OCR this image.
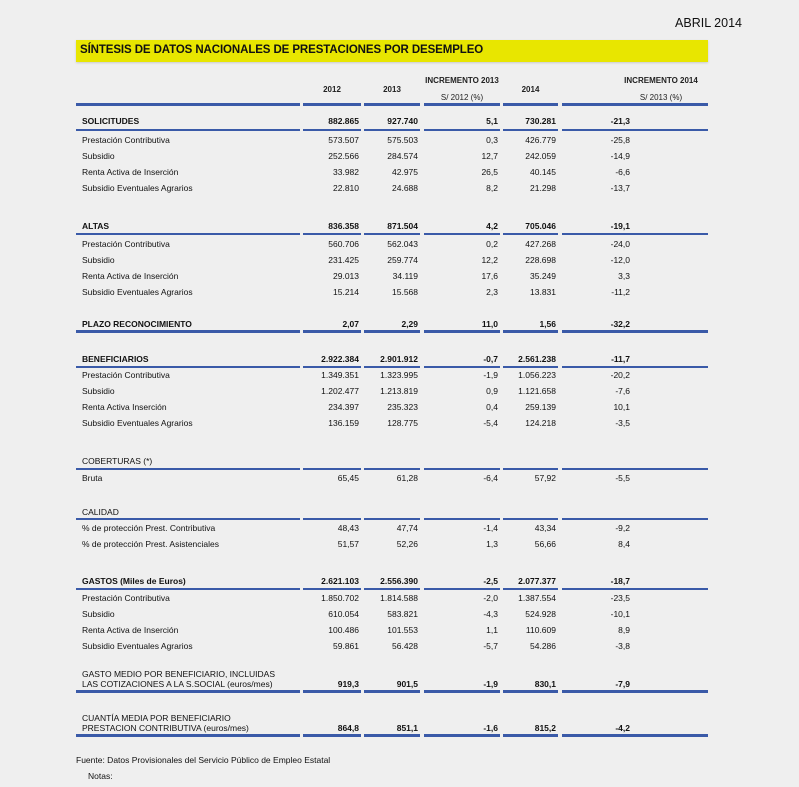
ABRIL 2014
SÍNTESIS DE DATOS NACIONALES DE PRESTACIONES POR DESEMPLEO
2012	2013
INCREMENTO 2013
S/ 2012 (%)
2014
INCREMENTO 2014
S/ 2013 (%)
SOLICITUDES	882.865	927.740	5,1	730.281	-21,3
Prestación Contributiva	573.507	575.503	0,3	426.779	-25,8
Subsidio	252.566	284.574	12,7	242.059	-14,9
Renta Activa de Inserción	33.982	42.975	26,5	40.145	-6,6
Subsidio Eventuales Agrarios	22.810	24.688	8,2	21.298	-13,7
ALTAS	836.358	871.504	4,2	705.046	-19,1
Prestación Contributiva	560.706	562.043	0,2	427.268	-24,0
Subsidio	231.425	259.774	12,2	228.698	-12,0
Renta Activa de Inserción	29.013	34.119	17,6	35.249	3,3
Subsidio Eventuales Agrarios	15.214	15.568	2,3	13.831	-11,2
PLAZO RECONOCIMIENTO	2,07	2,29	11,0	1,56	-32,2
BENEFICIARIOS	2.922.384	2.901.912	-0,7	2.561.238	-11,7
Prestación Contributiva	1.349.351	1.323.995	-1,9	1.056.223	-20,2
Subsidio	1.202.477	1.213.819	0,9	1.121.658	-7,6
Renta Activa Inserción	234.397	235.323	0,4	259.139	10,1
Subsidio Eventuales Agrarios	136.159	128.775	-5,4	124.218	-3,5
COBERTURAS (*)
Bruta	65,45	61,28	-6,4	57,92	-5,5
CALIDAD
% de protección Prest. Contributiva	48,43	47,74	-1,4	43,34	-9,2
% de protección Prest. Asistenciales	51,57	52,26	1,3	56,66	8,4
GASTOS (Miles de Euros)	2.621.103	2.556.390	-2,5	2.077.377	-18,7
Prestación Contributiva	1.850.702	1.814.588	-2,0	1.387.554	-23,5
Subsidio	610.054	583.821	-4,3	524.928	-10,1
Renta Activa de Inserción	100.486	101.553	1,1	110.609	8,9
Subsidio Eventuales Agrarios	59.861	56.428	-5,7	54.286	-3,8
GASTO MEDIO POR BENEFICIARIO, INCLUIDAS
LAS COTIZACIONES A LA S.SOCIAL (euros/mes)	919,3	901,5	-1,9	830,1	-7,9
CUANTÍA MEDIA POR BENEFICIARIO
PRESTACION CONTRIBUTIVA (euros/mes)	864,8	851,1	-1,6	815,2	-4,2
Fuente: Datos Provisionales del Servicio Público de Empleo Estatal
Notas:
